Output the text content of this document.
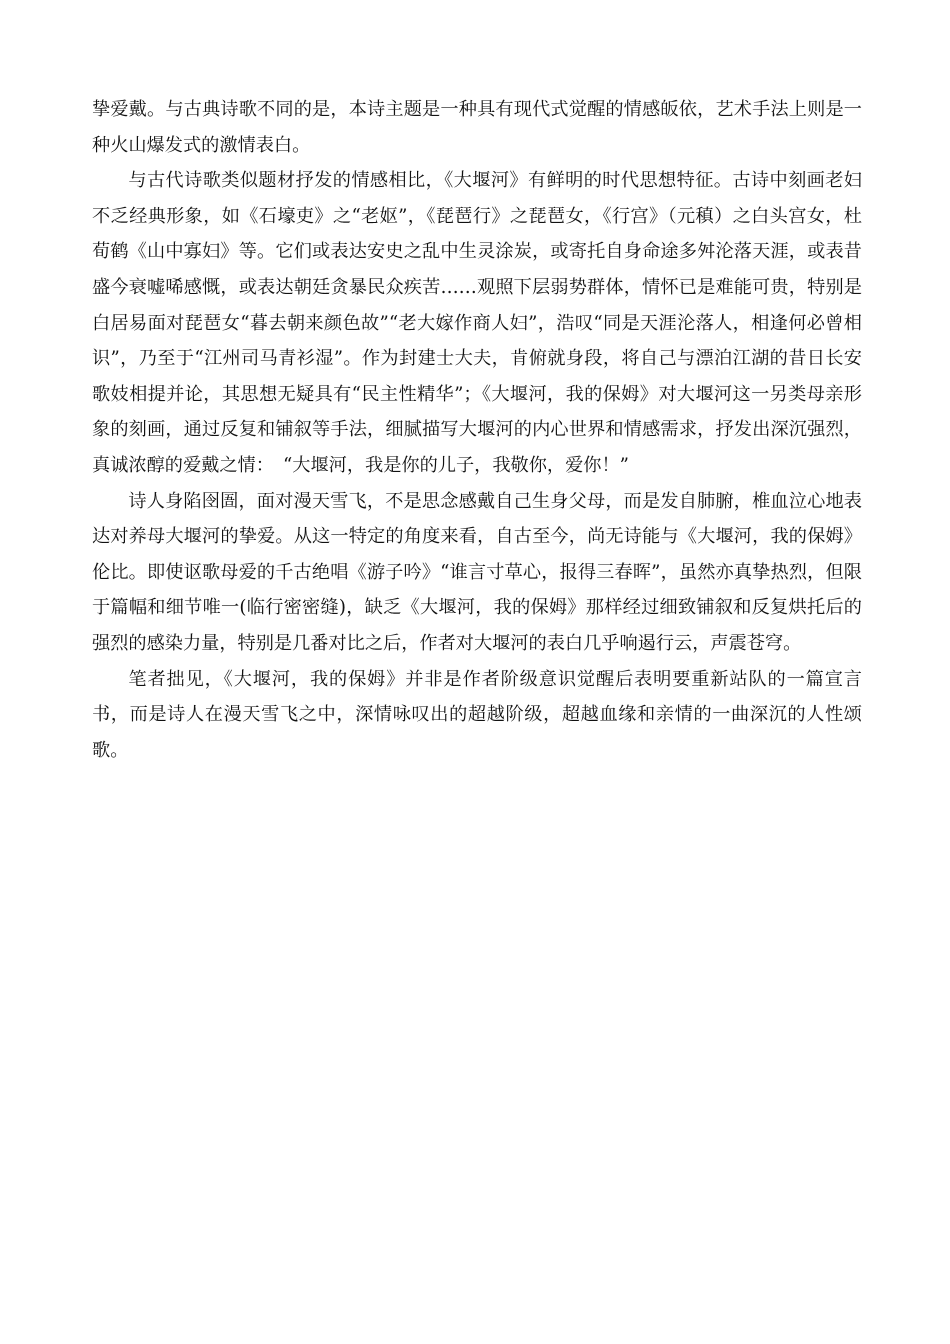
挚爱戴。与古典诗歌不同的是，本诗主题是一种具有现代式觉醒的情感皈依，艺术手法上则是一种火山爆发式的激情表白。

与古代诗歌类似题材抒发的情感相比，《大堰河》有鲜明的时代思想特征。古诗中刻画老妇不乏经典形象，如《石壕吏》之“老妪”，《琵琶行》之琵琶女，《行宫》（元稹）之白头宫女，杜荀鹤《山中寡妇》等。它们或表达安史之乱中生灵涂炭，或寄托自身命途多舛沦落天涯，或表昔盛今衰嘘唏感慨，或表达朝廷贪暴民众疾苦……观照下层弱势群体，情怀已是难能可贵，特别是白居易面对琵琶女“暮去朝来颜色故”“老大嫁作商人妇”，浩叹“同是天涯沦落人，相逢何必曾相识”，乃至于“江州司马青衫湿”。作为封建士大夫，肯俯就身段，将自己与漂泊江湖的昔日长安歌妓相提并论，其思想无疑具有“民主性精华”；《大堰河，我的保姆》对大堰河这一另类母亲形象的刻画，通过反复和铺叙等手法，细腻描写大堰河的内心世界和情感需求，抒发出深沉强烈，真诚浓醇的爱戴之情：　“大堰河，我是你的儿子，我敬你，爱你！”

诗人身陷囹圄，面对漫天雪飞，不是思念感戴自己生身父母，而是发自肺腑，椎血泣心地表达对养母大堰河的挚爱。从这一特定的角度来看，自古至今，尚无诗能与《大堰河，我的保姆》伦比。即使讴歌母爱的千古绝唱《游子吟》“谁言寸草心，报得三春晖”，虽然亦真挚热烈，但限于篇幅和细节唯一(临行密密缝)，缺乏《大堰河，我的保姆》那样经过细致铺叙和反复烘托后的强烈的感染力量，特别是几番对比之后，作者对大堰河的表白几乎响遏行云，声震苍穹。

笔者拙见，《大堰河，我的保姆》并非是作者阶级意识觉醒后表明要重新站队的一篇宣言书，而是诗人在漫天雪飞之中，深情咏叹出的超越阶级，超越血缘和亲情的一曲深沉的人性颂歌。
